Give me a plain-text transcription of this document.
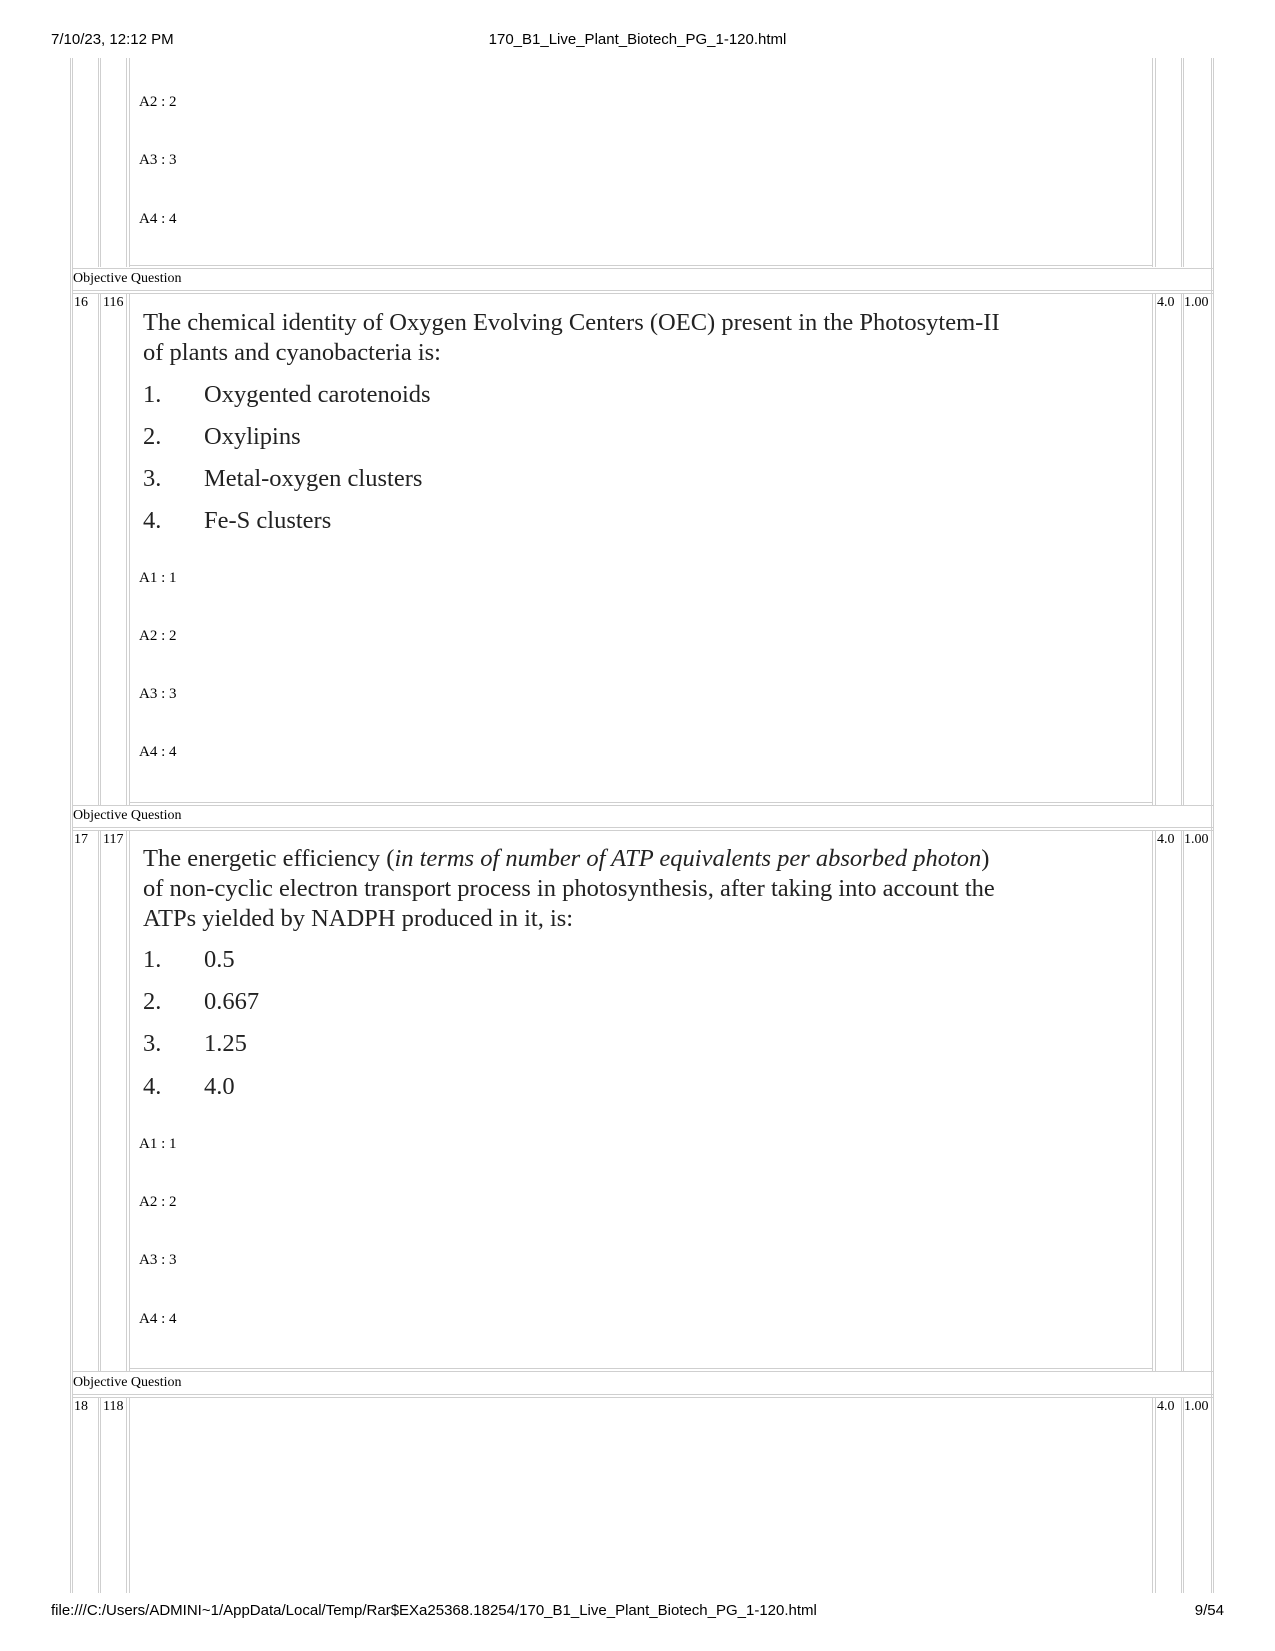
7/10/23, 12:12 PM	170_B1_Live_Plant_Biotech_PG_1-120.html
A2 : 2
A3 : 3
A4 : 4
Objective Question
16 116	4.0 1.00
The chemical identity of Oxygen Evolving Centers (OEC) present in the Photosytem-II
of plants and cyanobacteria is:
1. Oxygented carotenoids
2. Oxylipins
3. Metal-oxygen clusters
4. Fe-S clusters
A1 : 1
A2 : 2
A3 : 3
A4 : 4
Objective Question
17 117	4.0 1.00
The energetic efficiency (in terms of number of ATP equivalents per absorbed photon)
of non-cyclic electron transport process in photosynthesis, after taking into account the
ATPs yielded by NADPH produced in it, is:
1. 0.5
2. 0.667
3. 1.25
4. 4.0
A1 : 1
A2 : 2
A3 : 3
A4 : 4
Objective Question
18 118	4.0 1.00
file:///C:/Users/ADMINI~1/AppData/Local/Temp/Rar$EXa25368.18254/170_B1_Live_Plant_Biotech_PG_1-120.html	9/54
